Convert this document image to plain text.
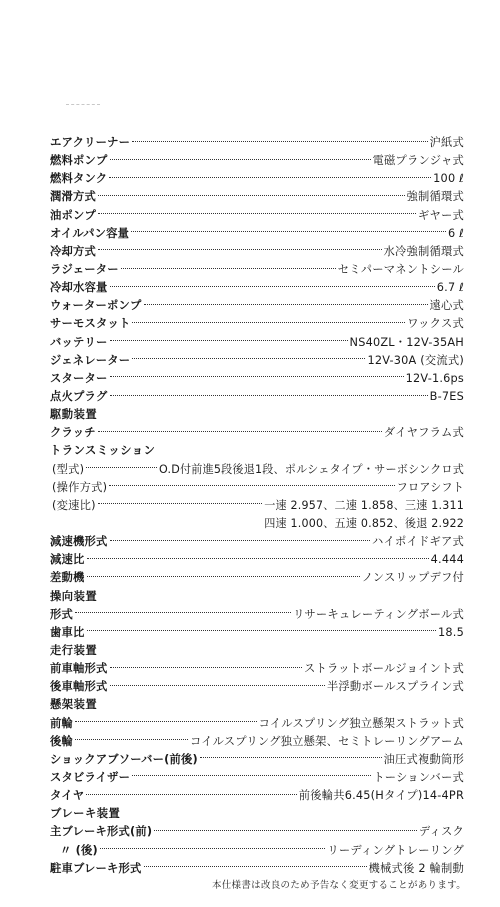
エアクリーナー	沪紙式
燃料ポンプ	電磁プランジャ式
燃料タンク	100 ℓ
潤滑方式	強制循環式
油ポンプ	ギヤー式
オイルパン容量	6 ℓ
冷却方式	水冷強制循環式
ラジェーター	セミパーマネントシール
冷却水容量	6.7 ℓ
ウォーターポンプ	遠心式
サーモスタット	ワックス式
バッテリー	NS40ZL・12V-35AH
ジェネレーター	12V-30A (交流式)
スターター	12V-1.6ps
点火プラグ	B-7ES
駆動装置
クラッチ	ダイヤフラム式
トランスミッション
(型式)	O.D付前進5段後退1段、ポルシェタイプ・サーボシンクロ式
(操作方式)	フロアシフト
(変速比)	一速 2.957、二速 1.858、三速 1.311
四速 1.000、五速 0.852、後退 2.922
減速機形式	ハイポイドギア式
減速比	4.444
差動機	ノンスリップデフ付
操向装置
形式	リサーキュレーティングボール式
歯車比	18.5
走行装置
前車軸形式	ストラットボールジョイント式
後車軸形式	半浮動ボールスプライン式
懸架装置
前輪	コイルスプリング独立懸架ストラット式
後輪	コイルスプリング独立懸架、セミトレーリングアーム
ショックアブソーバー(前後)	油圧式複動筒形
スタビライザー	トーションバー式
タイヤ	前後輪共6.45(Hタイプ)14-4PR
ブレーキ装置
主ブレーキ形式(前)	ディスク
〃 (後)	リーディングトレーリング
駐車ブレーキ形式	機械式後 2 輪制動
本仕様書は改良のため予告なく変更することがあります。
